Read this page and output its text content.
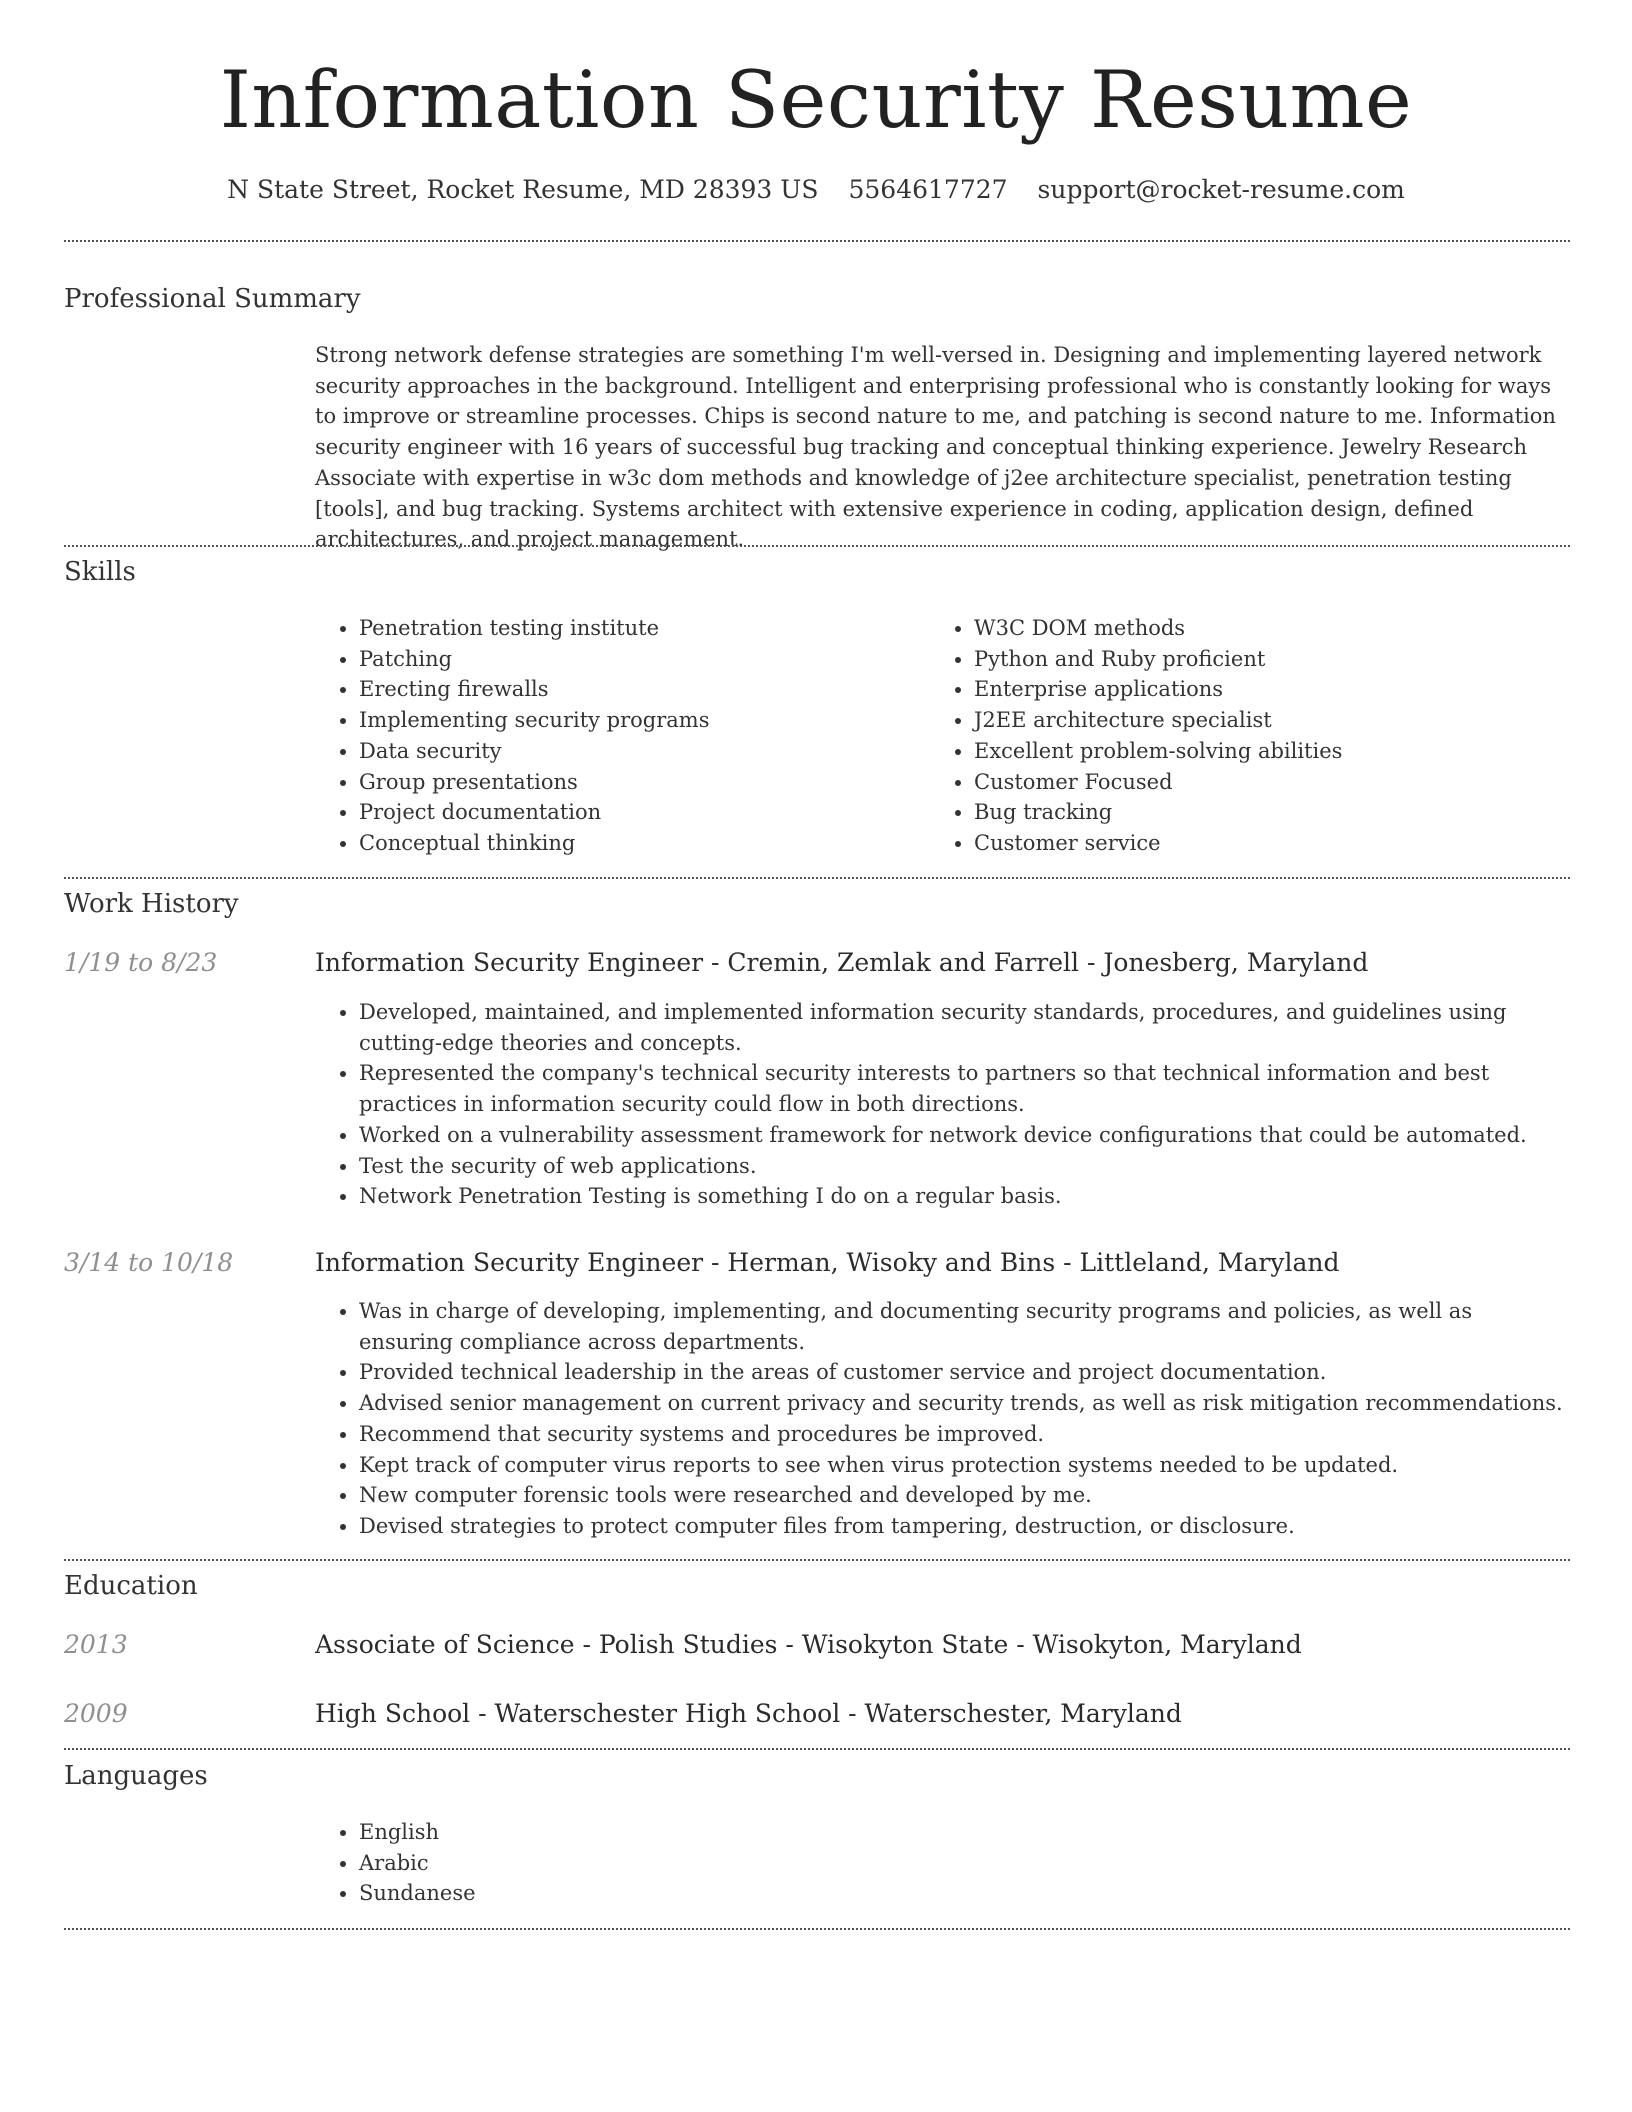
Information Security Resume
N State Street, Rocket Resume, MD 28393 US 5564617727 support@rocket-resume.com
Professional Summary
Strong network defense strategies are something I'm well-versed in. Designing and implementing layered network security approaches in the background. Intelligent and enterprising professional who is constantly looking for ways to improve or streamline processes. Chips is second nature to me, and patching is second nature to me. Information security engineer with 16 years of successful bug tracking and conceptual thinking experience. Jewelry Research Associate with expertise in w3c dom methods and knowledge of j2ee architecture specialist, penetration testing [tools], and bug tracking. Systems architect with extensive experience in coding, application design, defined architectures, and project management.
Skills
• Penetration testing institute
• Patching
• Erecting firewalls
• Implementing security programs
• Data security
• Group presentations
• Project documentation
• Conceptual thinking
• W3C DOM methods
• Python and Ruby proficient
• Enterprise applications
• J2EE architecture specialist
• Excellent problem-solving abilities
• Customer Focused
• Bug tracking
• Customer service
Work History
1/19 to 8/23	Information Security Engineer - Cremin, Zemlak and Farrell - Jonesberg, Maryland
• Developed, maintained, and implemented information security standards, procedures, and guidelines using cutting-edge theories and concepts.
• Represented the company's technical security interests to partners so that technical information and best practices in information security could flow in both directions.
• Worked on a vulnerability assessment framework for network device configurations that could be automated.
• Test the security of web applications.
• Network Penetration Testing is something I do on a regular basis.
3/14 to 10/18	Information Security Engineer - Herman, Wisoky and Bins - Littleland, Maryland
• Was in charge of developing, implementing, and documenting security programs and policies, as well as ensuring compliance across departments.
• Provided technical leadership in the areas of customer service and project documentation.
• Advised senior management on current privacy and security trends, as well as risk mitigation recommendations.
• Recommend that security systems and procedures be improved.
• Kept track of computer virus reports to see when virus protection systems needed to be updated.
• New computer forensic tools were researched and developed by me.
• Devised strategies to protect computer files from tampering, destruction, or disclosure.
Education
2013	Associate of Science - Polish Studies - Wisokyton State - Wisokyton, Maryland
2009	High School - Waterschester High School - Waterschester, Maryland
Languages
• English
• Arabic
• Sundanese
